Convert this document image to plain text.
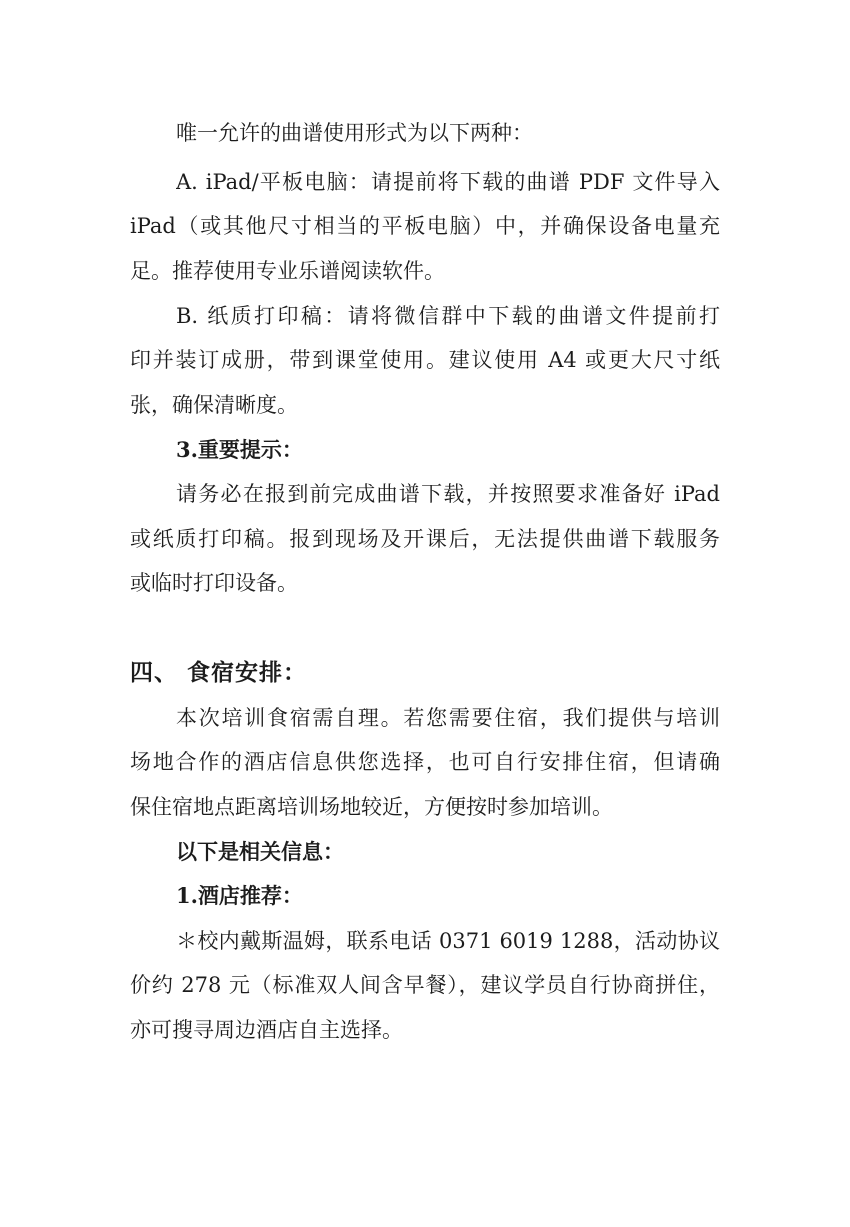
唯一允许的曲谱使用形式为以下两种：
A. iPad/平板电脑：请提前将下载的曲谱 PDF 文件导入
iPad（或其他尺寸相当的平板电脑）中，并确保设备电量充
足。推荐使用专业乐谱阅读软件。
B. 纸质打印稿：请将微信群中下载的曲谱文件提前打
印并装订成册，带到课堂使用。建议使用 A4 或更大尺寸纸
张，确保清晰度。
3.重要提示：
请务必在报到前完成曲谱下载，并按照要求准备好 iPad
或纸质打印稿。报到现场及开课后，无法提供曲谱下载服务
或临时打印设备。
四、 食宿安排：
本次培训食宿需自理。若您需要住宿，我们提供与培训
场地合作的酒店信息供您选择，也可自行安排住宿，但请确
保住宿地点距离培训场地较近，方便按时参加培训。
以下是相关信息：
1.酒店推荐：
＊校内戴斯温姆，联系电话 0371 6019 1288，活动协议
价约 278 元（标准双人间含早餐），建议学员自行协商拼住，
亦可搜寻周边酒店自主选择。
